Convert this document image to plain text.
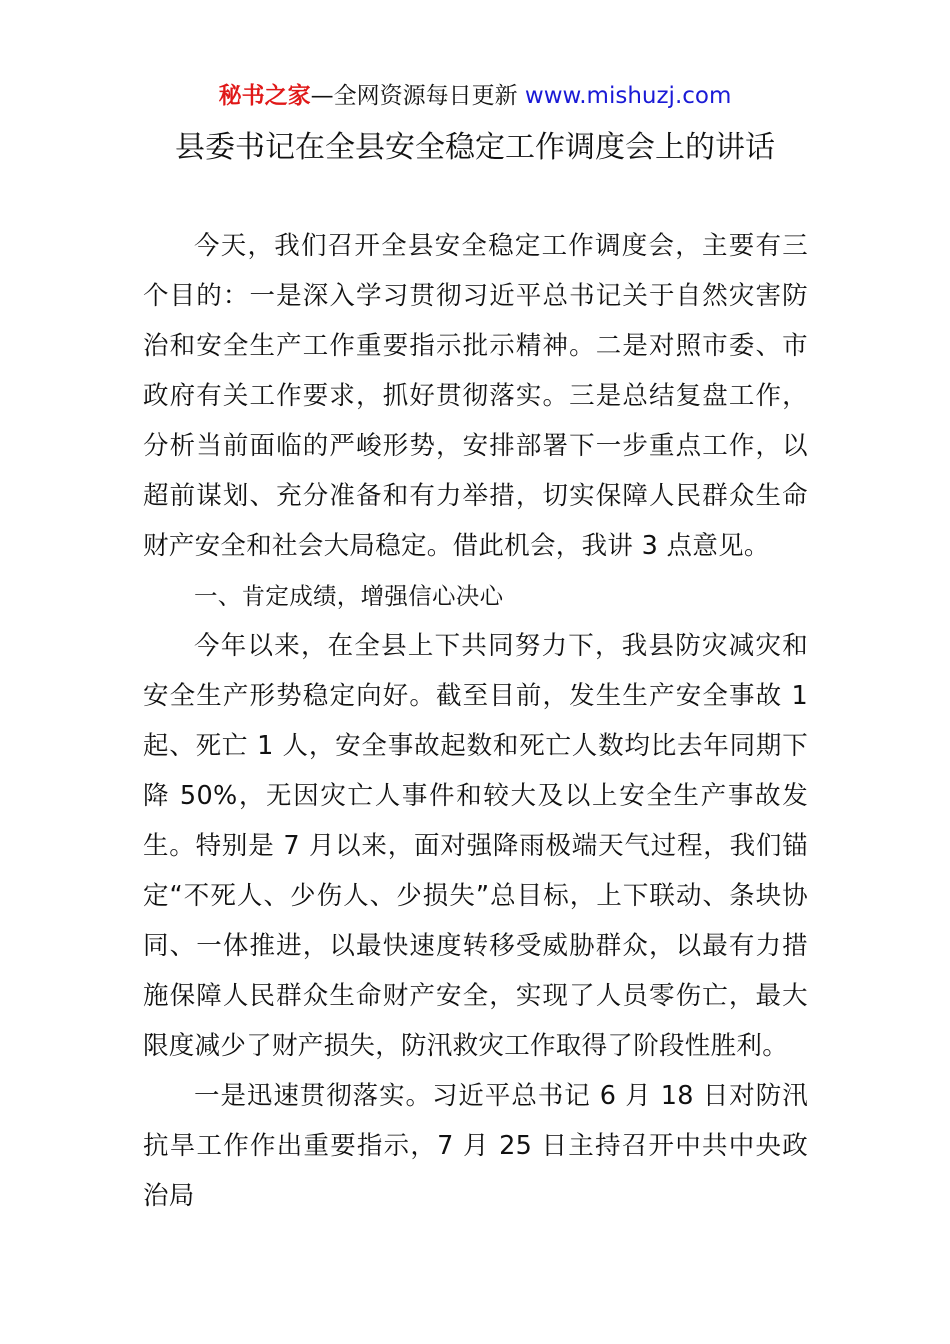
秘书之家—全网资源每日更新 www.mishuzj.com
县委书记在全县安全稳定工作调度会上的讲话

今天，我们召开全县安全稳定工作调度会，主要有三个目的：一是深入学习贯彻习近平总书记关于自然灾害防治和安全生产工作重要指示批示精神。二是对照市委、市政府有关工作要求，抓好贯彻落实。三是总结复盘工作，分析当前面临的严峻形势，安排部署下一步重点工作，以超前谋划、充分准备和有力举措，切实保障人民群众生命财产安全和社会大局稳定。借此机会，我讲 3 点意见。

一、肯定成绩，增强信心决心

今年以来，在全县上下共同努力下，我县防灾减灾和安全生产形势稳定向好。截至目前，发生生产安全事故 1 起、死亡 1 人，安全事故起数和死亡人数均比去年同期下降 50%，无因灾亡人事件和较大及以上安全生产事故发生。特别是 7 月以来，面对强降雨极端天气过程，我们锚定“不死人、少伤人、少损失”总目标，上下联动、条块协同、一体推进，以最快速度转移受威胁群众，以最有力措施保障人民群众生命财产安全，实现了人员零伤亡，最大限度减少了财产损失，防汛救灾工作取得了阶段性胜利。

一是迅速贯彻落实。习近平总书记 6 月 18 日对防汛抗旱工作作出重要指示，7 月 25 日主持召开中共中央政治局
